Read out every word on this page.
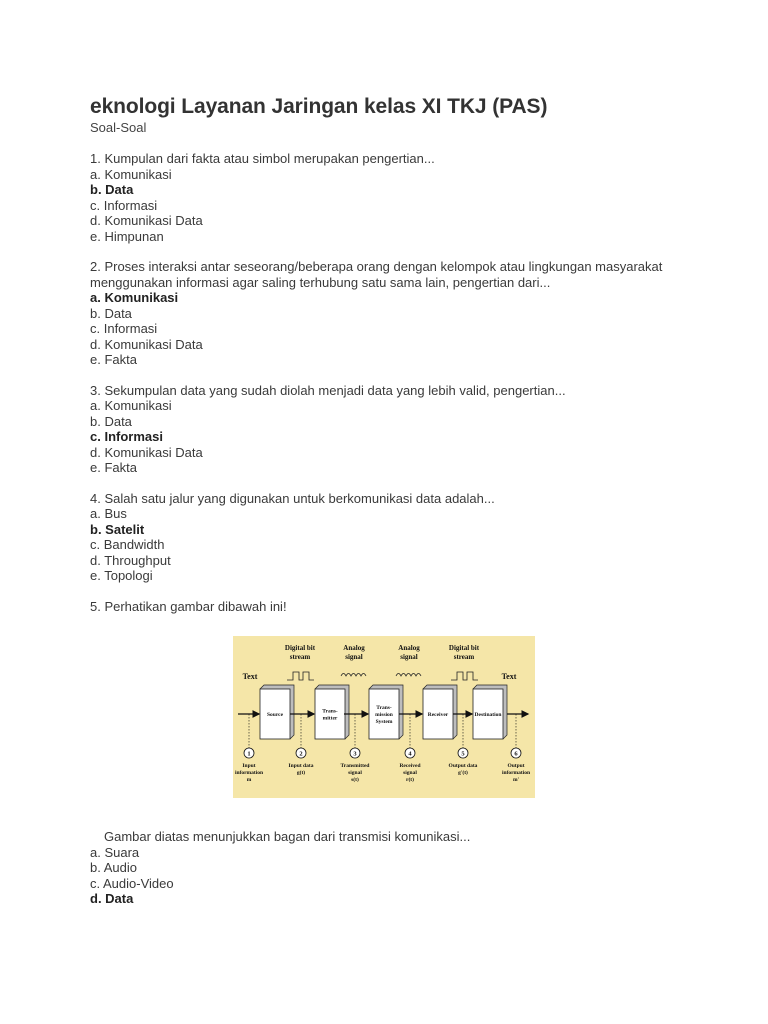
eknologi Layanan Jaringan kelas XI TKJ (PAS)
Soal-Soal
1. Kumpulan dari fakta atau simbol merupakan pengertian...
a. Komunikasi
b. Data
c. Informasi
d. Komunikasi Data
e. Himpunan
2. Proses interaksi antar seseorang/beberapa orang dengan kelompok atau lingkungan masyarakat menggunakan informasi agar saling terhubung satu sama lain, pengertian dari...
a. Komunikasi
b. Data
c. Informasi
d. Komunikasi Data
e. Fakta
3. Sekumpulan data yang sudah diolah menjadi data yang lebih valid, pengertian...
a. Komunikasi
b. Data
c. Informasi
d. Komunikasi Data
e. Fakta
4. Salah satu jalur yang digunakan untuk berkomunikasi data adalah...
a. Bus
b. Satelit
c. Bandwidth
d. Throughput
e. Topologi
5. Perhatikan gambar dibawah ini!
Text	Text
Digital bit stream
Analog signal
Analog signal
Digital bit stream
Source
Trans-mitter
Trans-mission System
Receiver	Destination
1
Input information m
2
Input data g(t)
3
Transmitted signal s(t)
4
Received signal r(t)
5
Output data g'(t)
6
Output information m'
Gambar diatas menunjukkan bagan dari transmisi komunikasi...
a. Suara
b. Audio
c. Audio-Video
d. Data
